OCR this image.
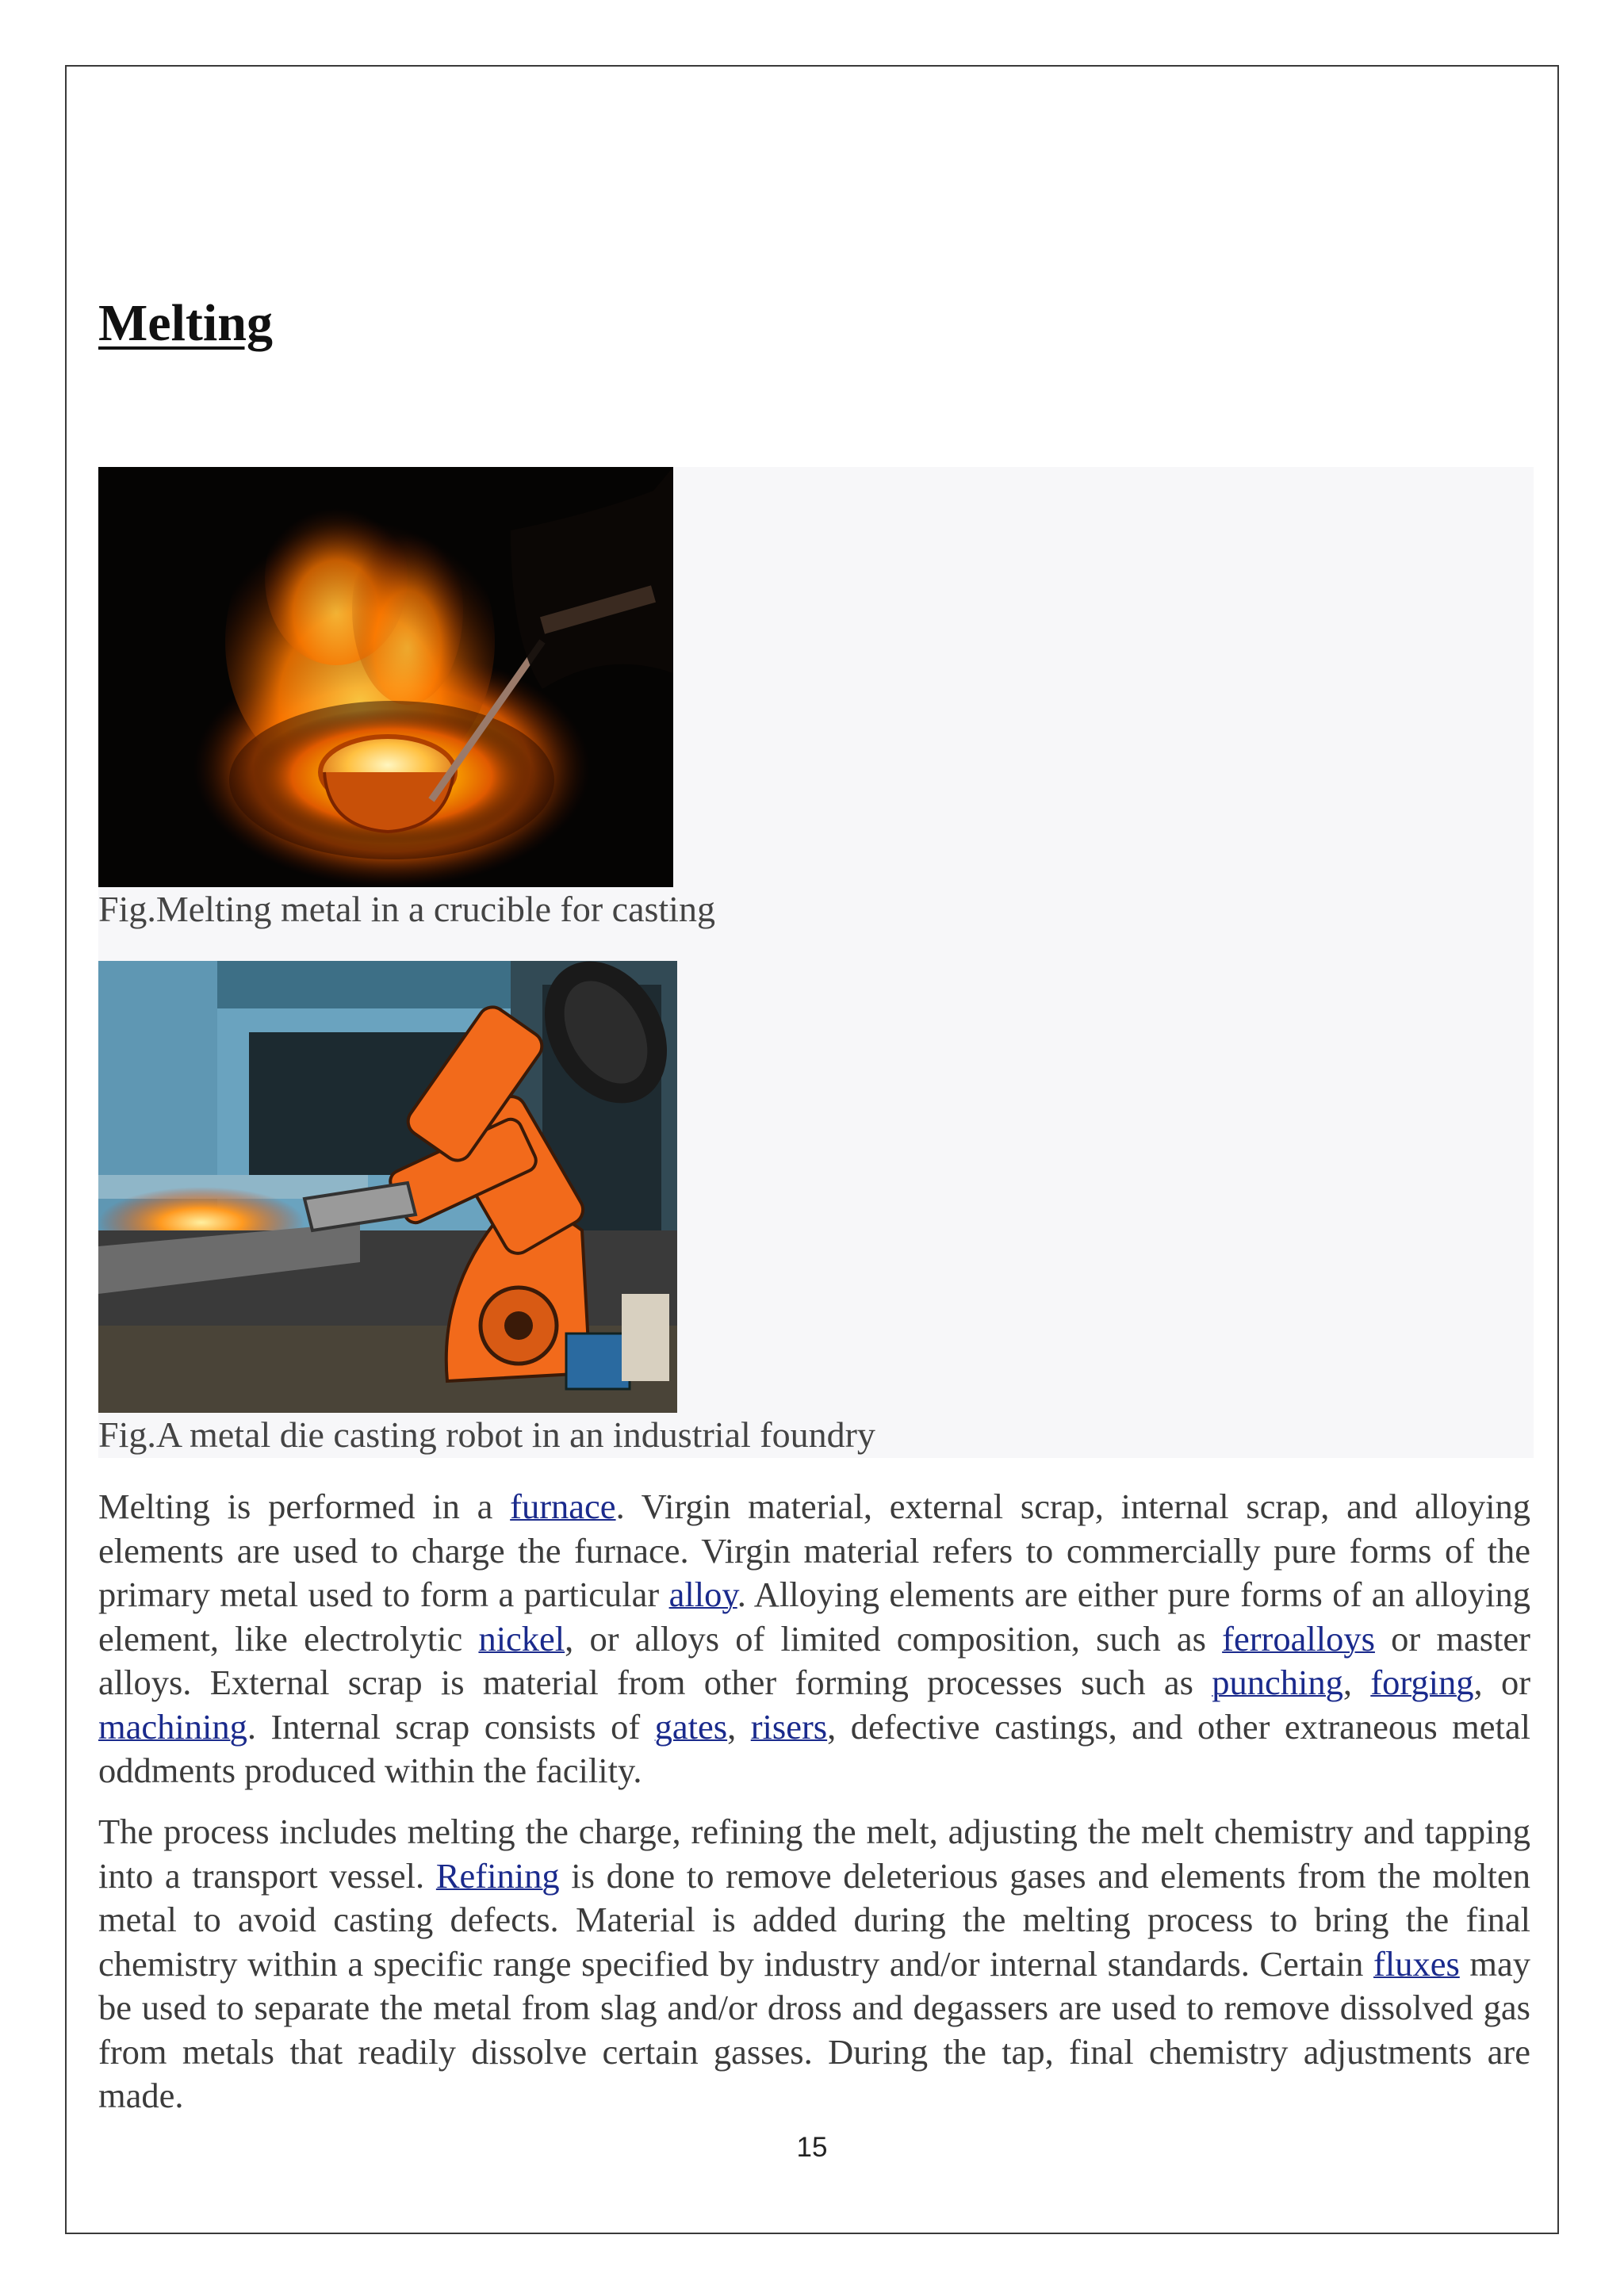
Melting

Fig.Melting metal in a crucible for casting

Fig.A metal die casting robot in an industrial foundry

Melting is performed in a furnace. Virgin material, external scrap, internal scrap, and alloying elements are used to charge the furnace. Virgin material refers to commercially pure forms of the primary metal used to form a particular alloy. Alloying elements are either pure forms of an alloying element, like electrolytic nickel, or alloys of limited composition, such as ferroalloys or master alloys. External scrap is material from other forming processes such as punching, forging, or machining. Internal scrap consists of gates, risers, defective castings, and other extraneous metal oddments produced within the facility.

The process includes melting the charge, refining the melt, adjusting the melt chemistry and tapping into a transport vessel. Refining is done to remove deleterious gases and elements from the molten metal to avoid casting defects. Material is added during the melting process to bring the final chemistry within a specific range specified by industry and/or internal standards. Certain fluxes may be used to separate the metal from slag and/or dross and degassers are used to remove dissolved gas from metals that readily dissolve certain gasses. During the tap, final chemistry adjustments are made.

15
